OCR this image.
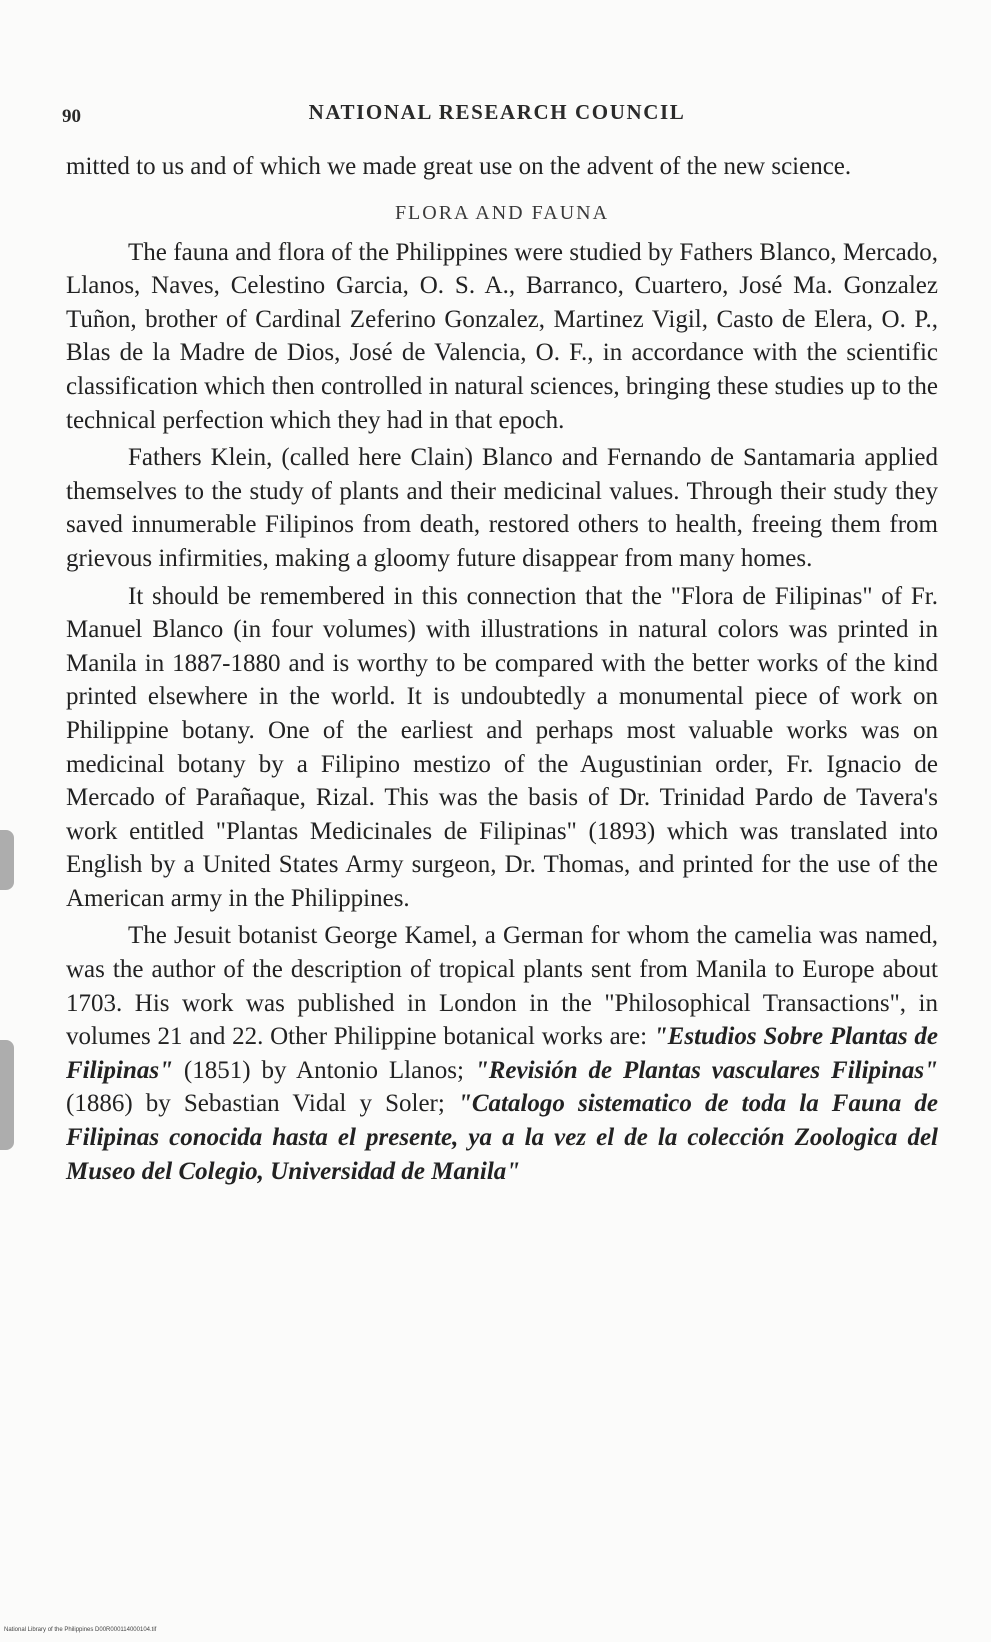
90	NATIONAL RESEARCH COUNCIL

mitted to us and of which we made great use on the advent of the new science.

FLORA AND FAUNA

The fauna and flora of the Philippines were studied by Fathers Blanco, Mercado, Llanos, Naves, Celestino Garcia, O. S. A., Barranco, Cuartero, José Ma. Gonzalez Tuñon, brother of Cardinal Zeferino Gonzalez, Martinez Vigil, Casto de Elera, O. P., Blas de la Madre de Dios, José de Valencia, O. F., in accordance with the scientific classification which then controlled in natural sciences, bringing these studies up to the technical perfection which they had in that epoch.

Fathers Klein, (called here Clain) Blanco and Fernando de Santamaria applied themselves to the study of plants and their medicinal values. Through their study they saved innumerable Filipinos from death, restored others to health, freeing them from grievous infirmities, making a gloomy future disappear from many homes.

It should be remembered in this connection that the "Flora de Filipinas" of Fr. Manuel Blanco (in four volumes) with illustrations in natural colors was printed in Manila in 1887-1880 and is worthy to be compared with the better works of the kind printed elsewhere in the world. It is undoubtedly a monumental piece of work on Philippine botany. One of the earliest and perhaps most valuable works was on medicinal botany by a Filipino mestizo of the Augustinian order, Fr. Ignacio de Mercado of Parañaque, Rizal. This was the basis of Dr. Trinidad Pardo de Tavera's work entitled "Plantas Medicinales de Filipinas" (1893) which was translated into English by a United States Army surgeon, Dr. Thomas, and printed for the use of the American army in the Philippines.

The Jesuit botanist George Kamel, a German for whom the camelia was named, was the author of the description of tropical plants sent from Manila to Europe about 1703. His work was published in London in the "Philosophical Transactions", in volumes 21 and 22. Other Philippine botanical works are: "Estudios Sobre Plantas de Filipinas" (1851) by Antonio Llanos; "Revisión de Plantas vasculares Filipinas" (1886) by Sebastian Vidal y Soler; "Catalogo sistematico de toda la Fauna de Filipinas conocida hasta el presente, ya a la vez el de la colección Zoologica del Museo del Colegio, Universidad de Manila"

National Library of the Philippines D00R000114000104.tif
